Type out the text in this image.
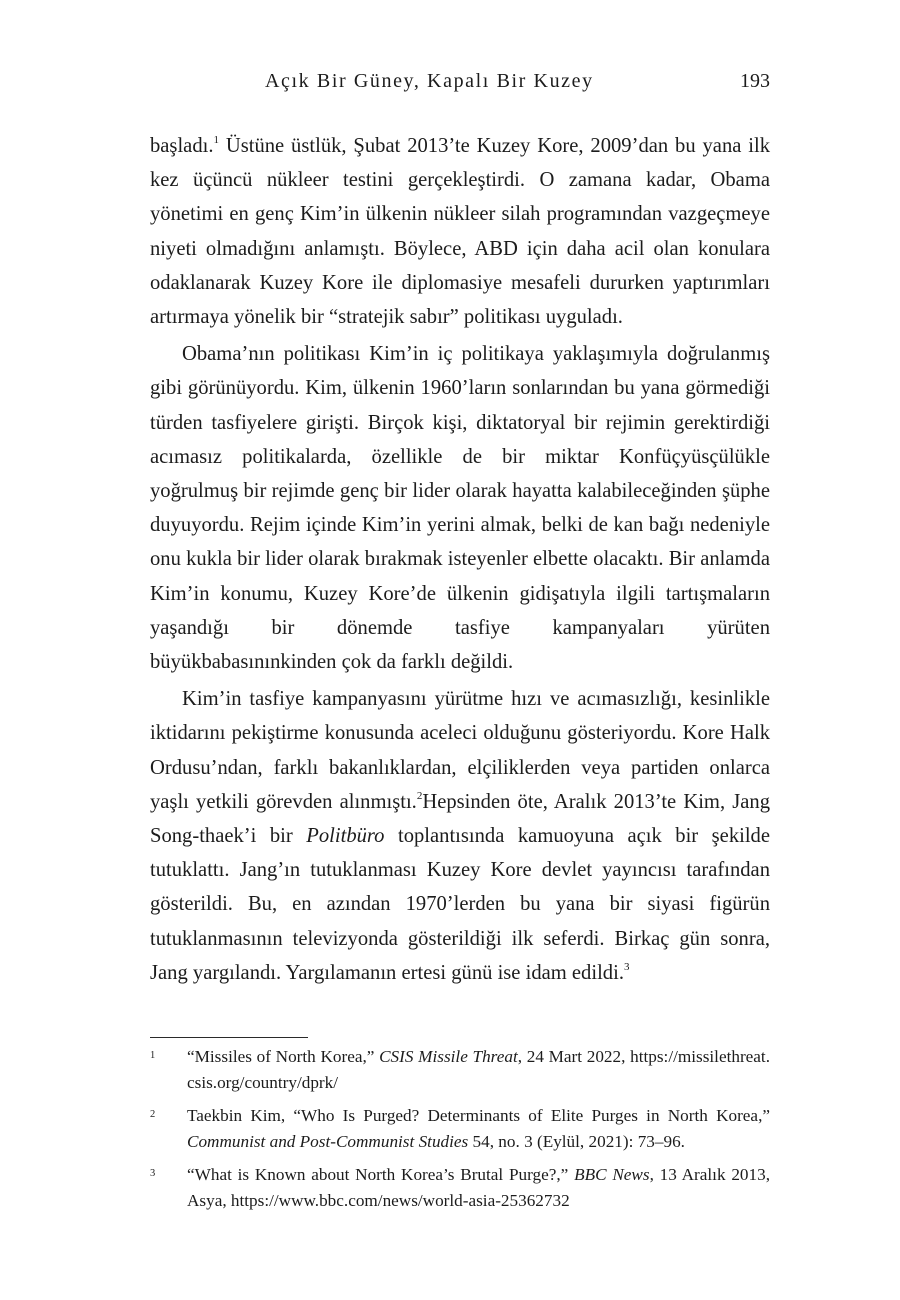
Açık Bir Güney, Kapalı Bir Kuzey	193

başladı.$^1$ Üstüne üstlük, Şubat 2013’te Kuzey Kore, 2009’dan bu yana ilk kez üçüncü nükleer testini gerçekleştirdi. O zamana kadar, Obama yönetimi en genç Kim’in ülkenin nükleer silah programından vazgeçmeye niyeti olmadığını anlamıştı. Böylece, ABD için daha acil olan konulara odaklanarak Kuzey Kore ile diplomasiye mesafeli dururken yaptırımları artırmaya yönelik bir “stratejik sabır” politikası uyguladı.

Obama’nın politikası Kim’in iç politikaya yaklaşımıyla doğrulanmış gibi görünüyordu. Kim, ülkenin 1960’ların sonlarından bu yana görmediği türden tasfiyelere girişti. Birçok kişi, diktatoryal bir rejimin gerektirdiği acımasız politikalarda, özellikle de bir miktar Konfüçyüsçülükle yoğrulmuş bir rejimde genç bir lider olarak hayatta kalabileceğinden şüphe duyuyordu. Rejim içinde Kim’in yerini almak, belki de kan bağı nedeniyle onu kukla bir lider olarak bırakmak isteyenler elbette olacaktı. Bir anlamda Kim’in konumu, Kuzey Kore’de ülkenin gidişatıyla ilgili tartışmaların yaşandığı bir dönemde tasfiye kampanyaları yürüten büyükbabasınınkinden çok da farklı değildi.

Kim’in tasfiye kampanyasını yürütme hızı ve acımasızlığı, kesinlikle iktidarını pekiştirme konusunda aceleci olduğunu gösteriyordu. Kore Halk Ordusu’ndan, farklı bakanlıklardan, elçiliklerden veya partiden onlarca yaşlı yetkili görevden alınmıştı.$^2$Hepsinden öte, Aralık 2013’te Kim, Jang Song-thaek’i bir Politbüro toplantısında kamuoyuna açık bir şekilde tutuklattı. Jang’ın tutuklanması Kuzey Kore devlet yayıncısı tarafından gösterildi. Bu, en azından 1970’lerden bu yana bir siyasi figürün tutuklanmasının televizyonda gösterildiği ilk seferdi. Birkaç gün sonra, Jang yargılandı. Yargılamanın ertesi günü ise idam edildi.$^3$

1	“Missiles of North Korea,” CSIS Missile Threat, 24 Mart 2022, https://missilethreat. csis.org/country/dprk/
2	Taekbin Kim, “Who Is Purged? Determinants of Elite Purges in North Korea,” Communist and Post-Communist Studies 54, no. 3 (Eylül, 2021): 73–96.
3	“What is Known about North Korea’s Brutal Purge?,” BBC News, 13 Aralık 2013, Asya, https://www.bbc.com/news/world-asia-25362732
